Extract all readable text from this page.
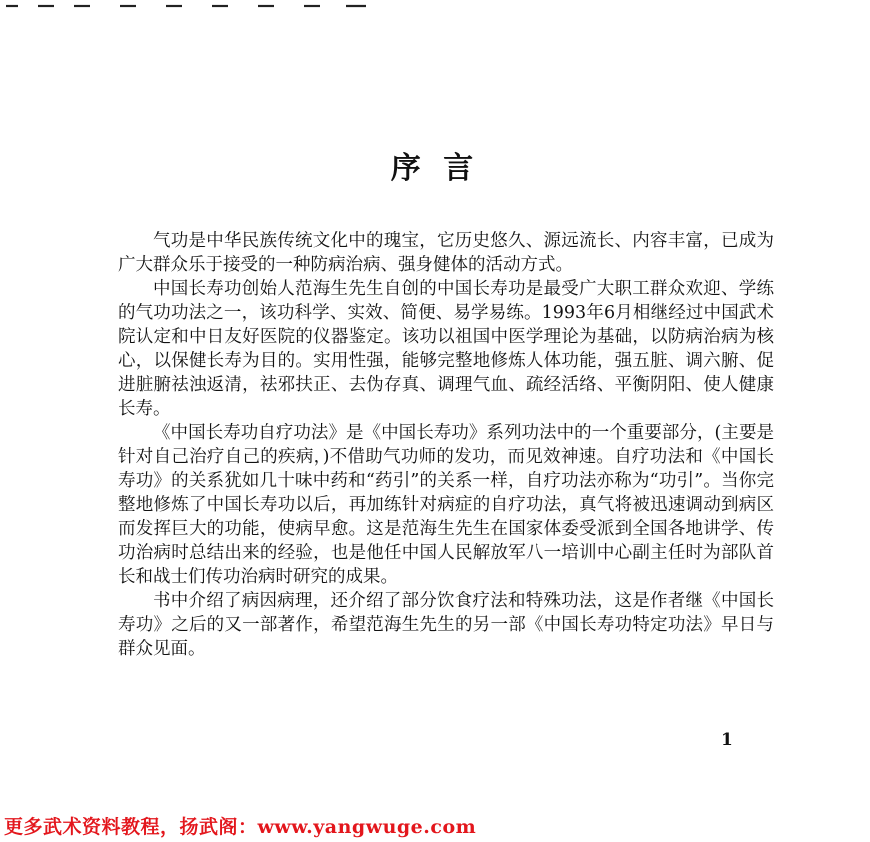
序 言

气功是中华民族传统文化中的瑰宝，它历史悠久、源远流长、内容丰富，已成为广大群众乐于接受的一种防病治病、强身健体的活动方式。

中国长寿功创始人范海生先生自创的中国长寿功是最受广大职工群众欢迎、学练的气功功法之一，该功科学、实效、简便、易学易练。1993年6月相继经过中国武术院认定和中日友好医院的仪器鉴定。该功以祖国中医学理论为基础，以防病治病为核心，以保健长寿为目的。实用性强，能够完整地修炼人体功能，强五脏、调六腑、促进脏腑祛浊返清，祛邪扶正、去伪存真、调理气血、疏经活络、平衡阴阳、使人健康长寿。

《中国长寿功自疗功法》是《中国长寿功》系列功法中的一个重要部分，(主要是针对自己治疗自己的疾病，)不借助气功师的发功，而见效神速。自疗功法和《中国长寿功》的关系犹如几十味中药和“药引”的关系一样，自疗功法亦称为“功引”。当你完整地修炼了中国长寿功以后，再加练针对病症的自疗功法，真气将被迅速调动到病区而发挥巨大的功能，使病早愈。这是范海生先生在国家体委受派到全国各地讲学、传功治病时总结出来的经验，也是他任中国人民解放军八一培训中心副主任时为部队首长和战士们传功治病时研究的成果。

书中介绍了病因病理，还介绍了部分饮食疗法和特殊功法，这是作者继《中国长寿功》之后的又一部著作，希望范海生先生的另一部《中国长寿功特定功法》早日与群众见面。

1
更多武术资料教程，扬武阁：www.yangwuge.com
